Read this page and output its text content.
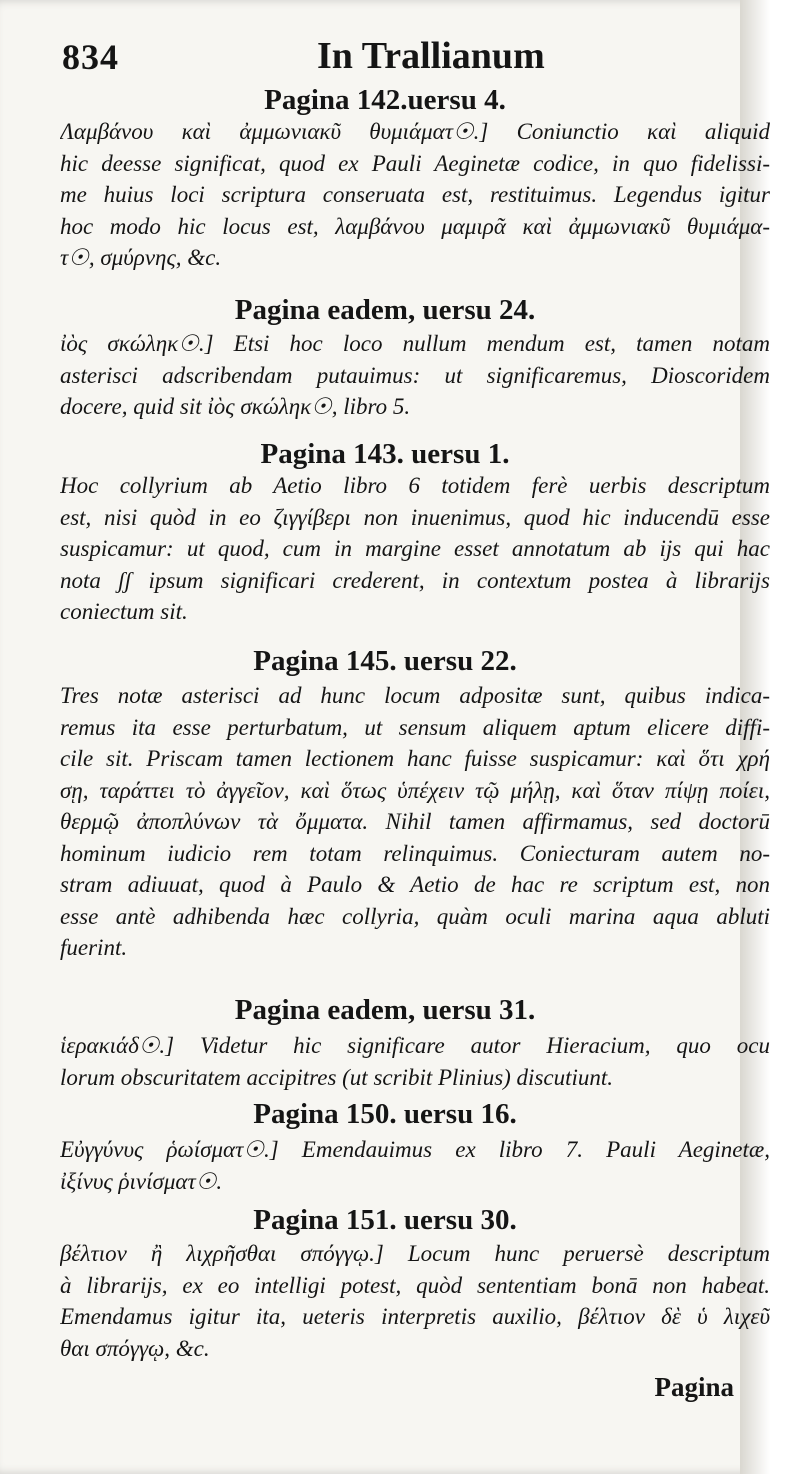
834	In Trallianum
Pagina 142.uersu 4.
Λαμβάνου καὶ ἀμμωνιακῦ θυμιάματ☉.] Coniunctio καὶ aliquid
hic deesse significat, quod ex Pauli Aeginetæ codice, in quo fidelissi-
me huius loci scriptura conseruata est, restituimus. Legendus igitur
hoc modo hic locus est, λαμβάνου μαμιρᾶ καὶ ἀμμωνιακῦ θυμιάμα-
τ☉, σμύρνης, &c.
Pagina eadem, uersu 24.
ἰὸς σκώληκ☉.] Etsi hoc loco nullum mendum est, tamen notam
asterisci adscribendam putauimus: ut significaremus, Dioscoridem
docere, quid sit ἰὸς σκώληκ☉, libro 5.
Pagina 143. uersu 1.
Hoc collyrium ab Aetio libro 6 totidem ferè uerbis descriptum
est, nisi quòd in eo ζιγγίβερι non inuenimus, quod hic inducendū esse
suspicamur: ut quod, cum in margine esset annotatum ab ijs qui hac
nota ʃʃ ipsum significari crederent, in contextum postea à librarijs
coniectum sit.
Pagina 145. uersu 22.
Tres notæ asterisci ad hunc locum adpositæ sunt, quibus indica-
remus ita esse perturbatum, ut sensum aliquem aptum elicere diffi-
cile sit. Priscam tamen lectionem hanc fuisse suspicamur: καὶ ὅτι χρή
σῃ, ταράττει τὸ ἀγγεῖον, καὶ ὅτως ὑπέχειν τῷ μήλῃ, καὶ ὅταν πίψῃ ποίει,
θερμῷ ἀποπλύνων τὰ ὄμματα. Nihil tamen affirmamus, sed doctorū
hominum iudicio rem totam relinquimus. Coniecturam autem no-
stram adiuuat, quod à Paulo & Aetio de hac re scriptum est, non
esse antè adhibenda hæc collyria, quàm oculi marina aqua abluti
fuerint.
Pagina eadem, uersu 31.
ἱερακιάδ☉.] Videtur hic significare autor Hieracium, quo ocu
lorum obscuritatem accipitres (ut scribit Plinius) discutiunt.
Pagina 150. uersu 16.
Εὐγγύνυς ῥωίσματ☉.] Emendauimus ex libro 7. Pauli Aeginetæ,
ἰξίνυς ῥινίσματ☉.
Pagina 151. uersu 30.
βέλτιον ἢ λιχρῆσθαι σπόγγῳ.] Locum hunc peruersè descriptum
à librarijs, ex eo intelligi potest, quòd sententiam bonā non habeat.
Emendamus igitur ita, ueteris interpretis auxilio, βέλτιον δὲ ὑ λιχεῦ
θαι σπόγγῳ, &c.
Pagina
